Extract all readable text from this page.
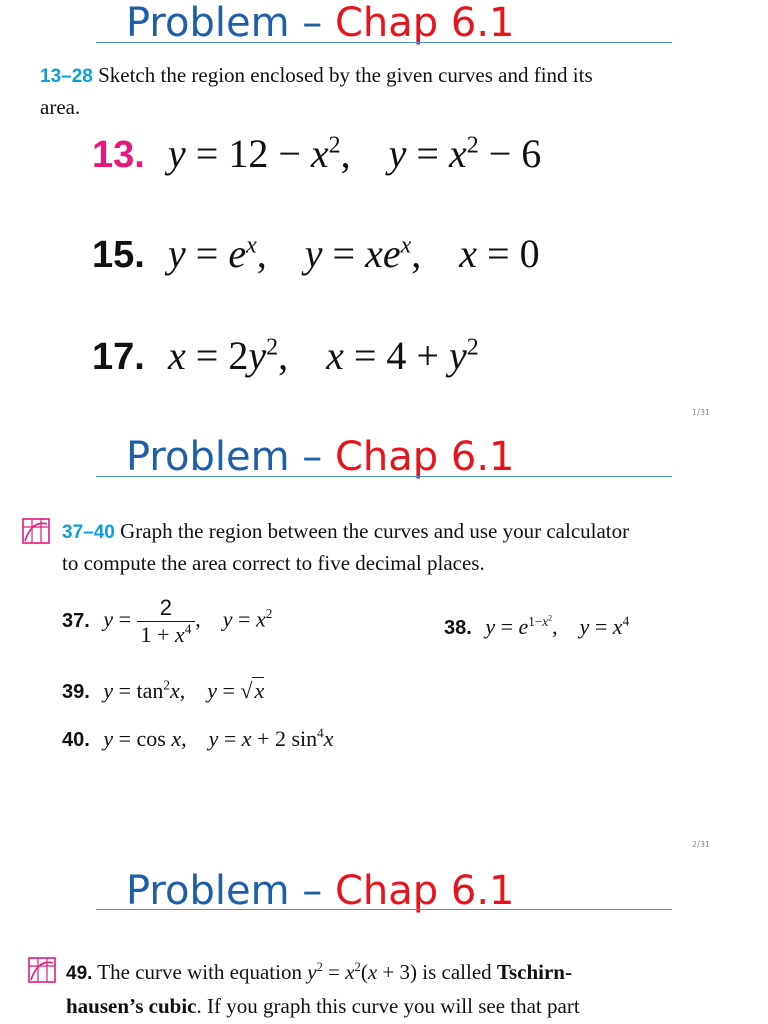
Problem – Chap 6.1
13–28 Sketch the region enclosed by the given curves and find its
area.
13. $y = 12 - x^2$, $y = x^2 - 6$
15. $y = e^x$, $y = xe^x$, x = 0
17. $x = 2y^2$, $x = 4 + y^2$
1/31
Problem – Chap 6.1
37–40 Graph the region between the curves and use your calculator
to compute the area correct to five decimal places.
37. $y = \frac{2}{1 + x^4}$ , $y = x^2$
38. $y = e^{1-x^2}$, $y = x^4$
39. $y = \tan^2x$, y = √x
40. y = cos x, y = x + 2 $\sin^4x$
2/31
Problem – Chap 6.1
49. The curve with equation $y^2 = x^2(x + 3)$ is called Tschirn-
hausen’s cubic. If you graph this curve you will see that part
